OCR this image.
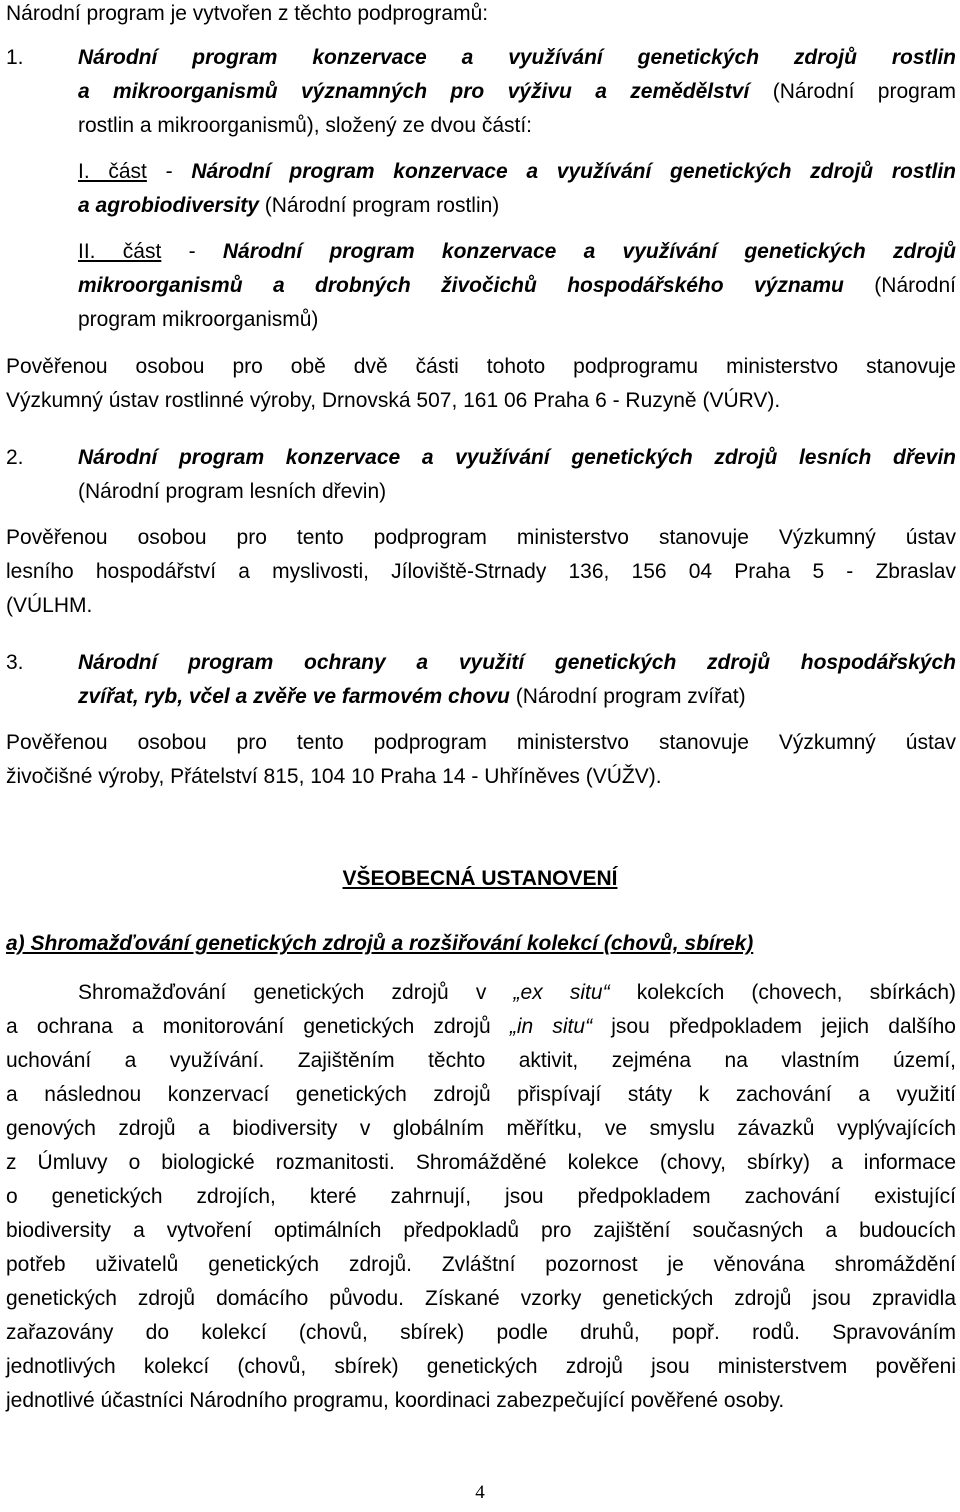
Národní program je vytvořen z těchto podprogramů:
1.	Národní program konzervace a využívání genetických zdrojů rostlin
a mikroorganismů významných pro výživu a zemědělství (Národní program
rostlin a mikroorganismů), složený ze dvou částí:
I. část - Národní program konzervace a využívání genetických zdrojů rostlin
a agrobiodiversity (Národní program rostlin)
II. část - Národní program konzervace a využívání genetických zdrojů
mikroorganismů a drobných živočichů hospodářského významu (Národní
program mikroorganismů)
Pověřenou osobou pro obě dvě části tohoto podprogramu ministerstvo stanovuje
Výzkumný ústav rostlinné výroby, Drnovská 507, 161 06 Praha 6 - Ruzyně (VÚRV).
2.	Národní program konzervace a využívání genetických zdrojů lesních dřevin
(Národní program lesních dřevin)
Pověřenou osobou pro tento podprogram ministerstvo stanovuje Výzkumný ústav
lesního hospodářství a myslivosti, Jíloviště-Strnady 136, 156 04 Praha 5 - Zbraslav
(VÚLHM.
3.	Národní program ochrany a využití genetických zdrojů hospodářských
zvířat, ryb, včel a zvěře ve farmovém chovu (Národní program zvířat)
Pověřenou osobou pro tento podprogram ministerstvo stanovuje Výzkumný ústav
živočišné výroby, Přátelství 815, 104 10 Praha 14 - Uhříněves (VÚŽV).
VŠEOBECNÁ USTANOVENÍ
a) Shromažďování genetických zdrojů a rozšiřování kolekcí (chovů, sbírek)
Shromažďování genetických zdrojů v „ex situ“ kolekcích (chovech, sbírkách)
a ochrana a monitorování genetických zdrojů „in situ“ jsou předpokladem jejich dalšího
uchování a využívání. Zajištěním těchto aktivit, zejména na vlastním území,
a následnou konzervací genetických zdrojů přispívají státy k zachování a využití
genových zdrojů a biodiversity v globálním měřítku, ve smyslu závazků vyplývajících
z Úmluvy o biologické rozmanitosti. Shromážděné kolekce (chovy, sbírky) a informace
o genetických zdrojích, které zahrnují, jsou předpokladem zachování existující
biodiversity a vytvoření optimálních předpokladů pro zajištění současných a budoucích
potřeb uživatelů genetických zdrojů. Zvláštní pozornost je věnována shromáždění
genetických zdrojů domácího původu. Získané vzorky genetických zdrojů jsou zpravidla
zařazovány do kolekcí (chovů, sbírek) podle druhů, popř. rodů. Spravováním
jednotlivých kolekcí (chovů, sbírek) genetických zdrojů jsou ministerstvem pověřeni
jednotlivé účastníci Národního programu, koordinaci zabezpečující pověřené osoby.
4
